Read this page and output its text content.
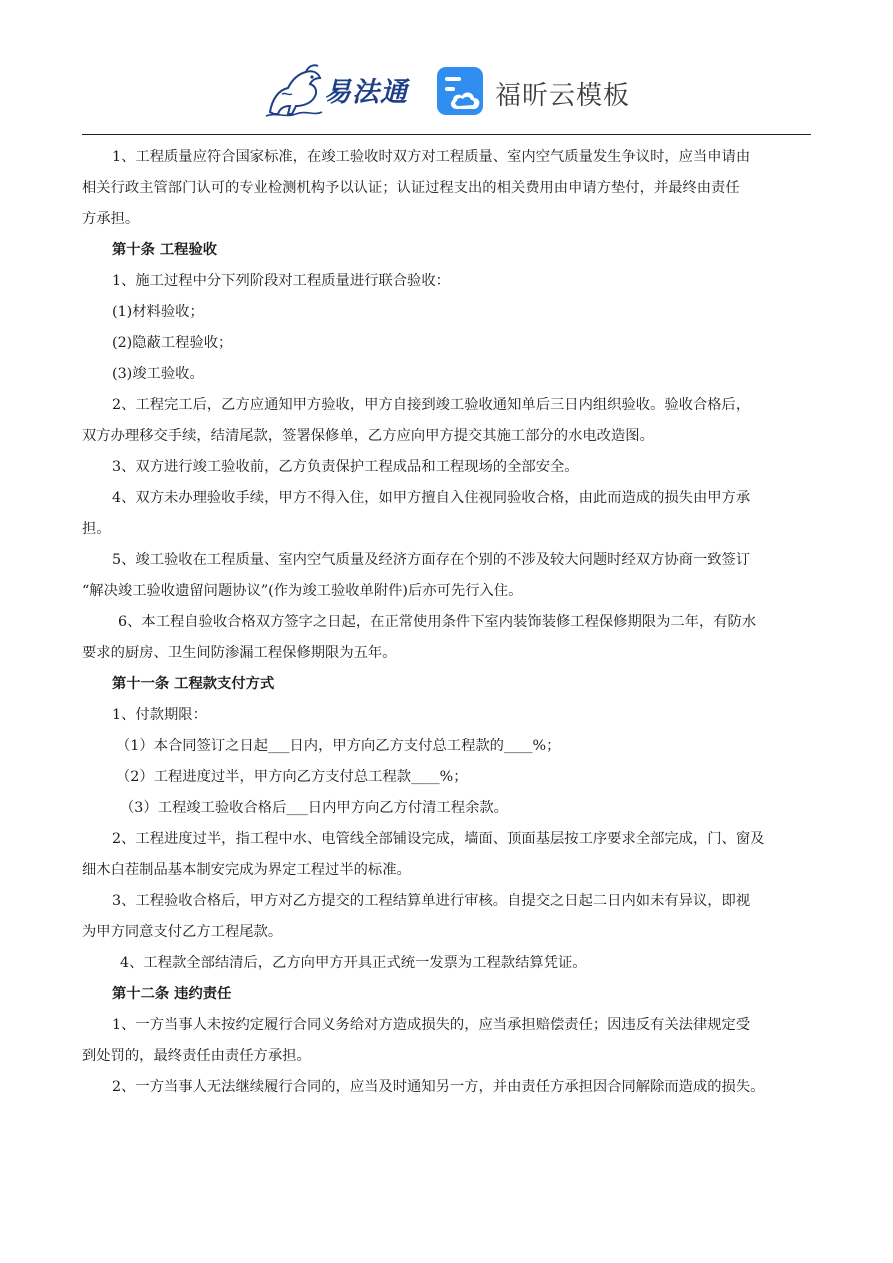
易法通	福昕云模板

1、工程质量应符合国家标准，在竣工验收时双方对工程质量、室内空气质量发生争议时，应当申请由

相关行政主管部门认可的专业检测机构予以认证；认证过程支出的相关费用由申请方垫付，并最终由责任

方承担。

第十条 工程验收

1、施工过程中分下列阶段对工程质量进行联合验收：

(1)材料验收；

(2)隐蔽工程验收；

(3)竣工验收。

2、工程完工后，乙方应通知甲方验收，甲方自接到竣工验收通知单后三日内组织验收。验收合格后，

双方办理移交手续，结清尾款，签署保修单，乙方应向甲方提交其施工部分的水电改造图。

3、双方进行竣工验收前，乙方负责保护工程成品和工程现场的全部安全。

4、双方未办理验收手续，甲方不得入住，如甲方擅自入住视同验收合格，由此而造成的损失由甲方承

担。

5、竣工验收在工程质量、室内空气质量及经济方面存在个别的不涉及较大问题时经双方协商一致签订

“解决竣工验收遗留问题协议”(作为竣工验收单附件)后亦可先行入住。

6、本工程自验收合格双方签字之日起，在正常使用条件下室内装饰装修工程保修期限为二年，有防水

要求的厨房、卫生间防渗漏工程保修期限为五年。

第十一条 工程款支付方式

1、付款期限：

（1）本合同签订之日起___日内，甲方向乙方支付总工程款的____%；

（2）工程进度过半，甲方向乙方支付总工程款____%；

（3）工程竣工验收合格后___日内甲方向乙方付清工程余款。

2、工程进度过半，指工程中水、电管线全部铺设完成，墙面、顶面基层按工序要求全部完成，门、窗及

细木白茬制品基本制安完成为界定工程过半的标准。

3、工程验收合格后，甲方对乙方提交的工程结算单进行审核。自提交之日起二日内如未有异议，即视

为甲方同意支付乙方工程尾款。

4、工程款全部结清后，乙方向甲方开具正式统一发票为工程款结算凭证。

第十二条 违约责任

1、一方当事人未按约定履行合同义务给对方造成损失的，应当承担赔偿责任；因违反有关法律规定受

到处罚的，最终责任由责任方承担。

2、一方当事人无法继续履行合同的，应当及时通知另一方，并由责任方承担因合同解除而造成的损失。
